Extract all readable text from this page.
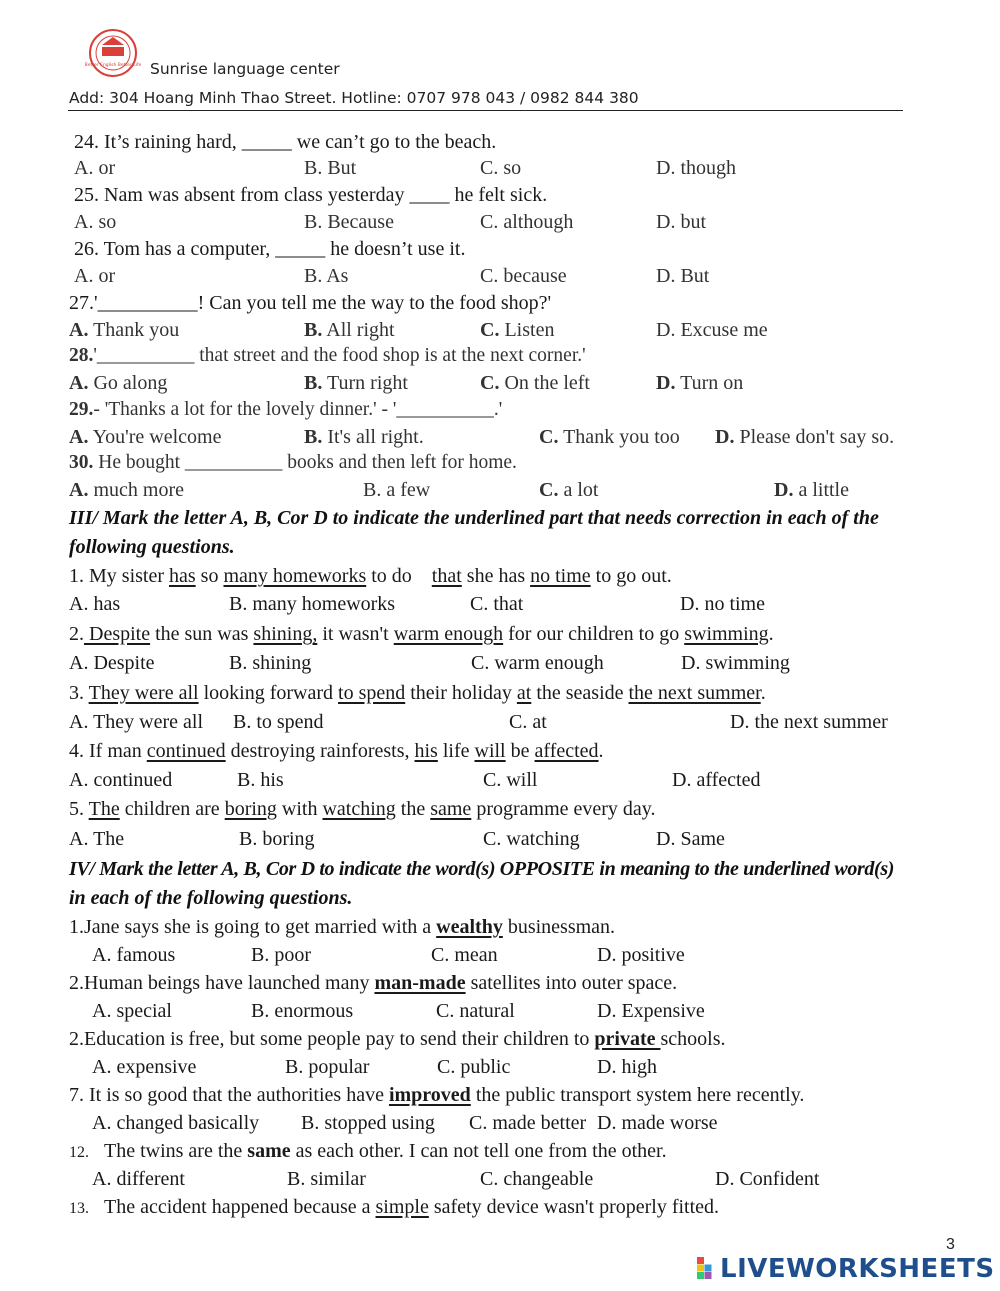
Better English Better Life Sunrise language center
Add: 304 Hoang Minh Thao Street. Hotline: 0707 978 043 / 0982 844 380
24. It’s raining hard, _____ we can’t go to the beach.
A. or	B. But	C. so	D. though
25. Nam was absent from class yesterday ____ he felt sick.
A. so	B. Because	C. although	D. but
26. Tom has a computer, _____ he doesn’t use it.
A. or	B. As	C. because	D. But
27.'__________! Can you tell me the way to the food shop?'
A. Thank you	B. All right	C. Listen	D. Excuse me
28.'__________ that street and the food shop is at the next corner.'
A. Go along	B. Turn right	C. On the left	D. Turn on
29.- 'Thanks a lot for the lovely dinner.' - '__________.'
A. You're welcome	B. It's all right.	C. Thank you too D. Please don't say so.
30. He bought __________ books and then left for home.
A. much more	B. a few	C. a lot	D. a little
III/ Mark the letter A, B, Cor D to indicate the underlined part that needs correction in each of the
following questions.
1. My sister has so many homeworks to do    that she has no time to go out.
A. has	B. many homeworks	C. that	D. no time
2. Despite the sun was shining, it wasn't warm enough for our children to go swimming.
A. Despite	B. shining	C. warm enough	D. swimming
3. They were all looking forward to spend their holiday at the seaside the next summer.
A. They were all B. to spend	C. at	D. the next summer
4. If man continued destroying rainforests, his life will be affected.
A. continued	B. his	C. will	D. affected
5. The children are boring with watching the same programme every day.
A. The	B. boring	C. watching	D. Same
IV/ Mark the letter A, B, Cor D to indicate the word(s) OPPOSITE in meaning to the underlined word(s)
in each of the following questions.
1.Jane says she is going to get married with a wealthy businessman.
A. famous	B. poor	C. mean	D. positive
2.Human beings have launched many man-made satellites into outer space.
A. special	B. enormous	C. natural	D. Expensive
2.Education is free, but some people pay to send their children to private schools.
A. expensive	B. popular	C. public	D. high
7. It is so good that the authorities have improved the public transport system here recently.
A. changed basically B. stopped using C. made better D. made worse
12. The twins are the same as each other. I can not tell one from the other.
A. different	B. similar	C. changeable	D. Confident
13. The accident happened because a simple safety device wasn't properly fitted.
3
LIVEWORKSHEETS
